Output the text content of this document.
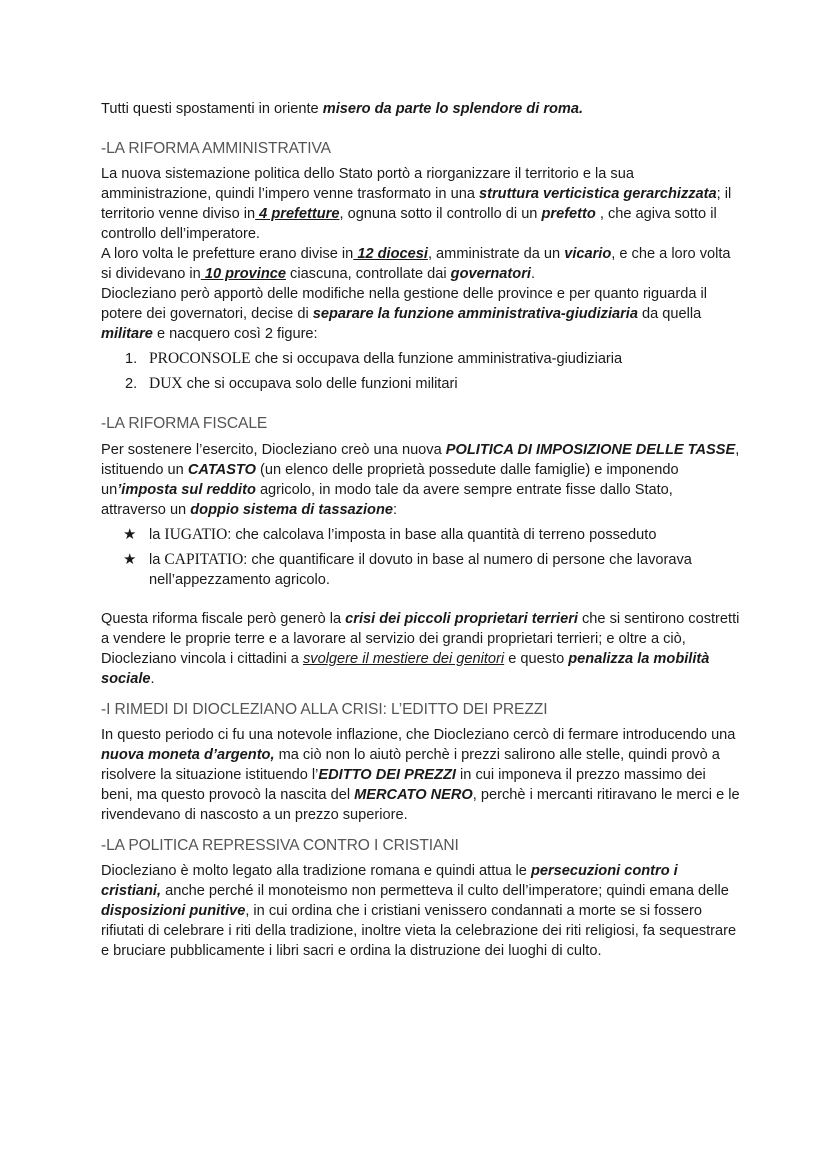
Tutti questi spostamenti in oriente misero da parte lo splendore di roma.

-LA RIFORMA AMMINISTRATIVA

La nuova sistemazione politica dello Stato portò a riorganizzare il territorio e la sua amministrazione, quindi l’impero venne trasformato in una struttura verticistica gerarchizzata; il territorio venne diviso in 4 prefetture, ognuna sotto il controllo di un prefetto , che agiva sotto il controllo dell’imperatore.

A loro volta le prefetture erano divise in 12 diocesi, amministrate da un vicario, e che a loro volta si dividevano in 10 province ciascuna, controllate dai governatori.

Diocleziano però apportò delle modifiche nella gestione delle province e per quanto riguarda il potere dei governatori, decise di separare la funzione amministrativa-giudiziaria da quella militare e nacquero così 2 figure:

1. PROCONSOLE che si occupava della funzione amministrativa-giudiziaria
2. DUX che si occupava solo delle funzioni militari
-LA RIFORMA FISCALE

Per sostenere l’esercito, Diocleziano creò una nuova POLITICA DI IMPOSIZIONE DELLE TASSE, istituendo un CATASTO (un elenco delle proprietà possedute dalle famiglie) e imponendo un’imposta sul reddito agricolo, in modo tale da avere sempre entrate fisse dallo Stato, attraverso un doppio sistema di tassazione:

★ la IUGATIO: che calcolava l’imposta in base alla quantità di terreno posseduto
★ la CAPITATIO: che quantificare il dovuto in base al numero di persone che lavorava nell’appezzamento agricolo.

Questa riforma fiscale però generò la crisi dei piccoli proprietari terrieri che si sentirono costretti a vendere le proprie terre e a lavorare al servizio dei grandi proprietari terrieri; e oltre a ciò, Diocleziano vincola i cittadini a svolgere il mestiere dei genitori e questo penalizza la mobilità sociale.

-I RIMEDI DI DIOCLEZIANO ALLA CRISI: L’EDITTO DEI PREZZI

In questo periodo ci fu una notevole inflazione, che Diocleziano cercò di fermare introducendo una nuova moneta d’argento, ma ciò non lo aiutò perchè i prezzi salirono alle stelle, quindi provò a risolvere la situazione istituendo l’EDITTO DEI PREZZI in cui imponeva il prezzo massimo dei beni, ma questo provocò la nascita del MERCATO NERO, perchè i mercanti ritiravano le merci e le rivendevano di nascosto a un prezzo superiore.

-LA POLITICA REPRESSIVA CONTRO I CRISTIANI

Diocleziano è molto legato alla tradizione romana e quindi attua le persecuzioni contro i cristiani, anche perché il monoteismo non permetteva il culto dell’imperatore; quindi emana delle disposizioni punitive, in cui ordina che i cristiani venissero condannati a morte se si fossero rifiutati di celebrare i riti della tradizione, inoltre vieta la celebrazione dei riti religiosi, fa sequestrare e bruciare pubblicamente i libri sacri e ordina la distruzione dei luoghi di culto.
